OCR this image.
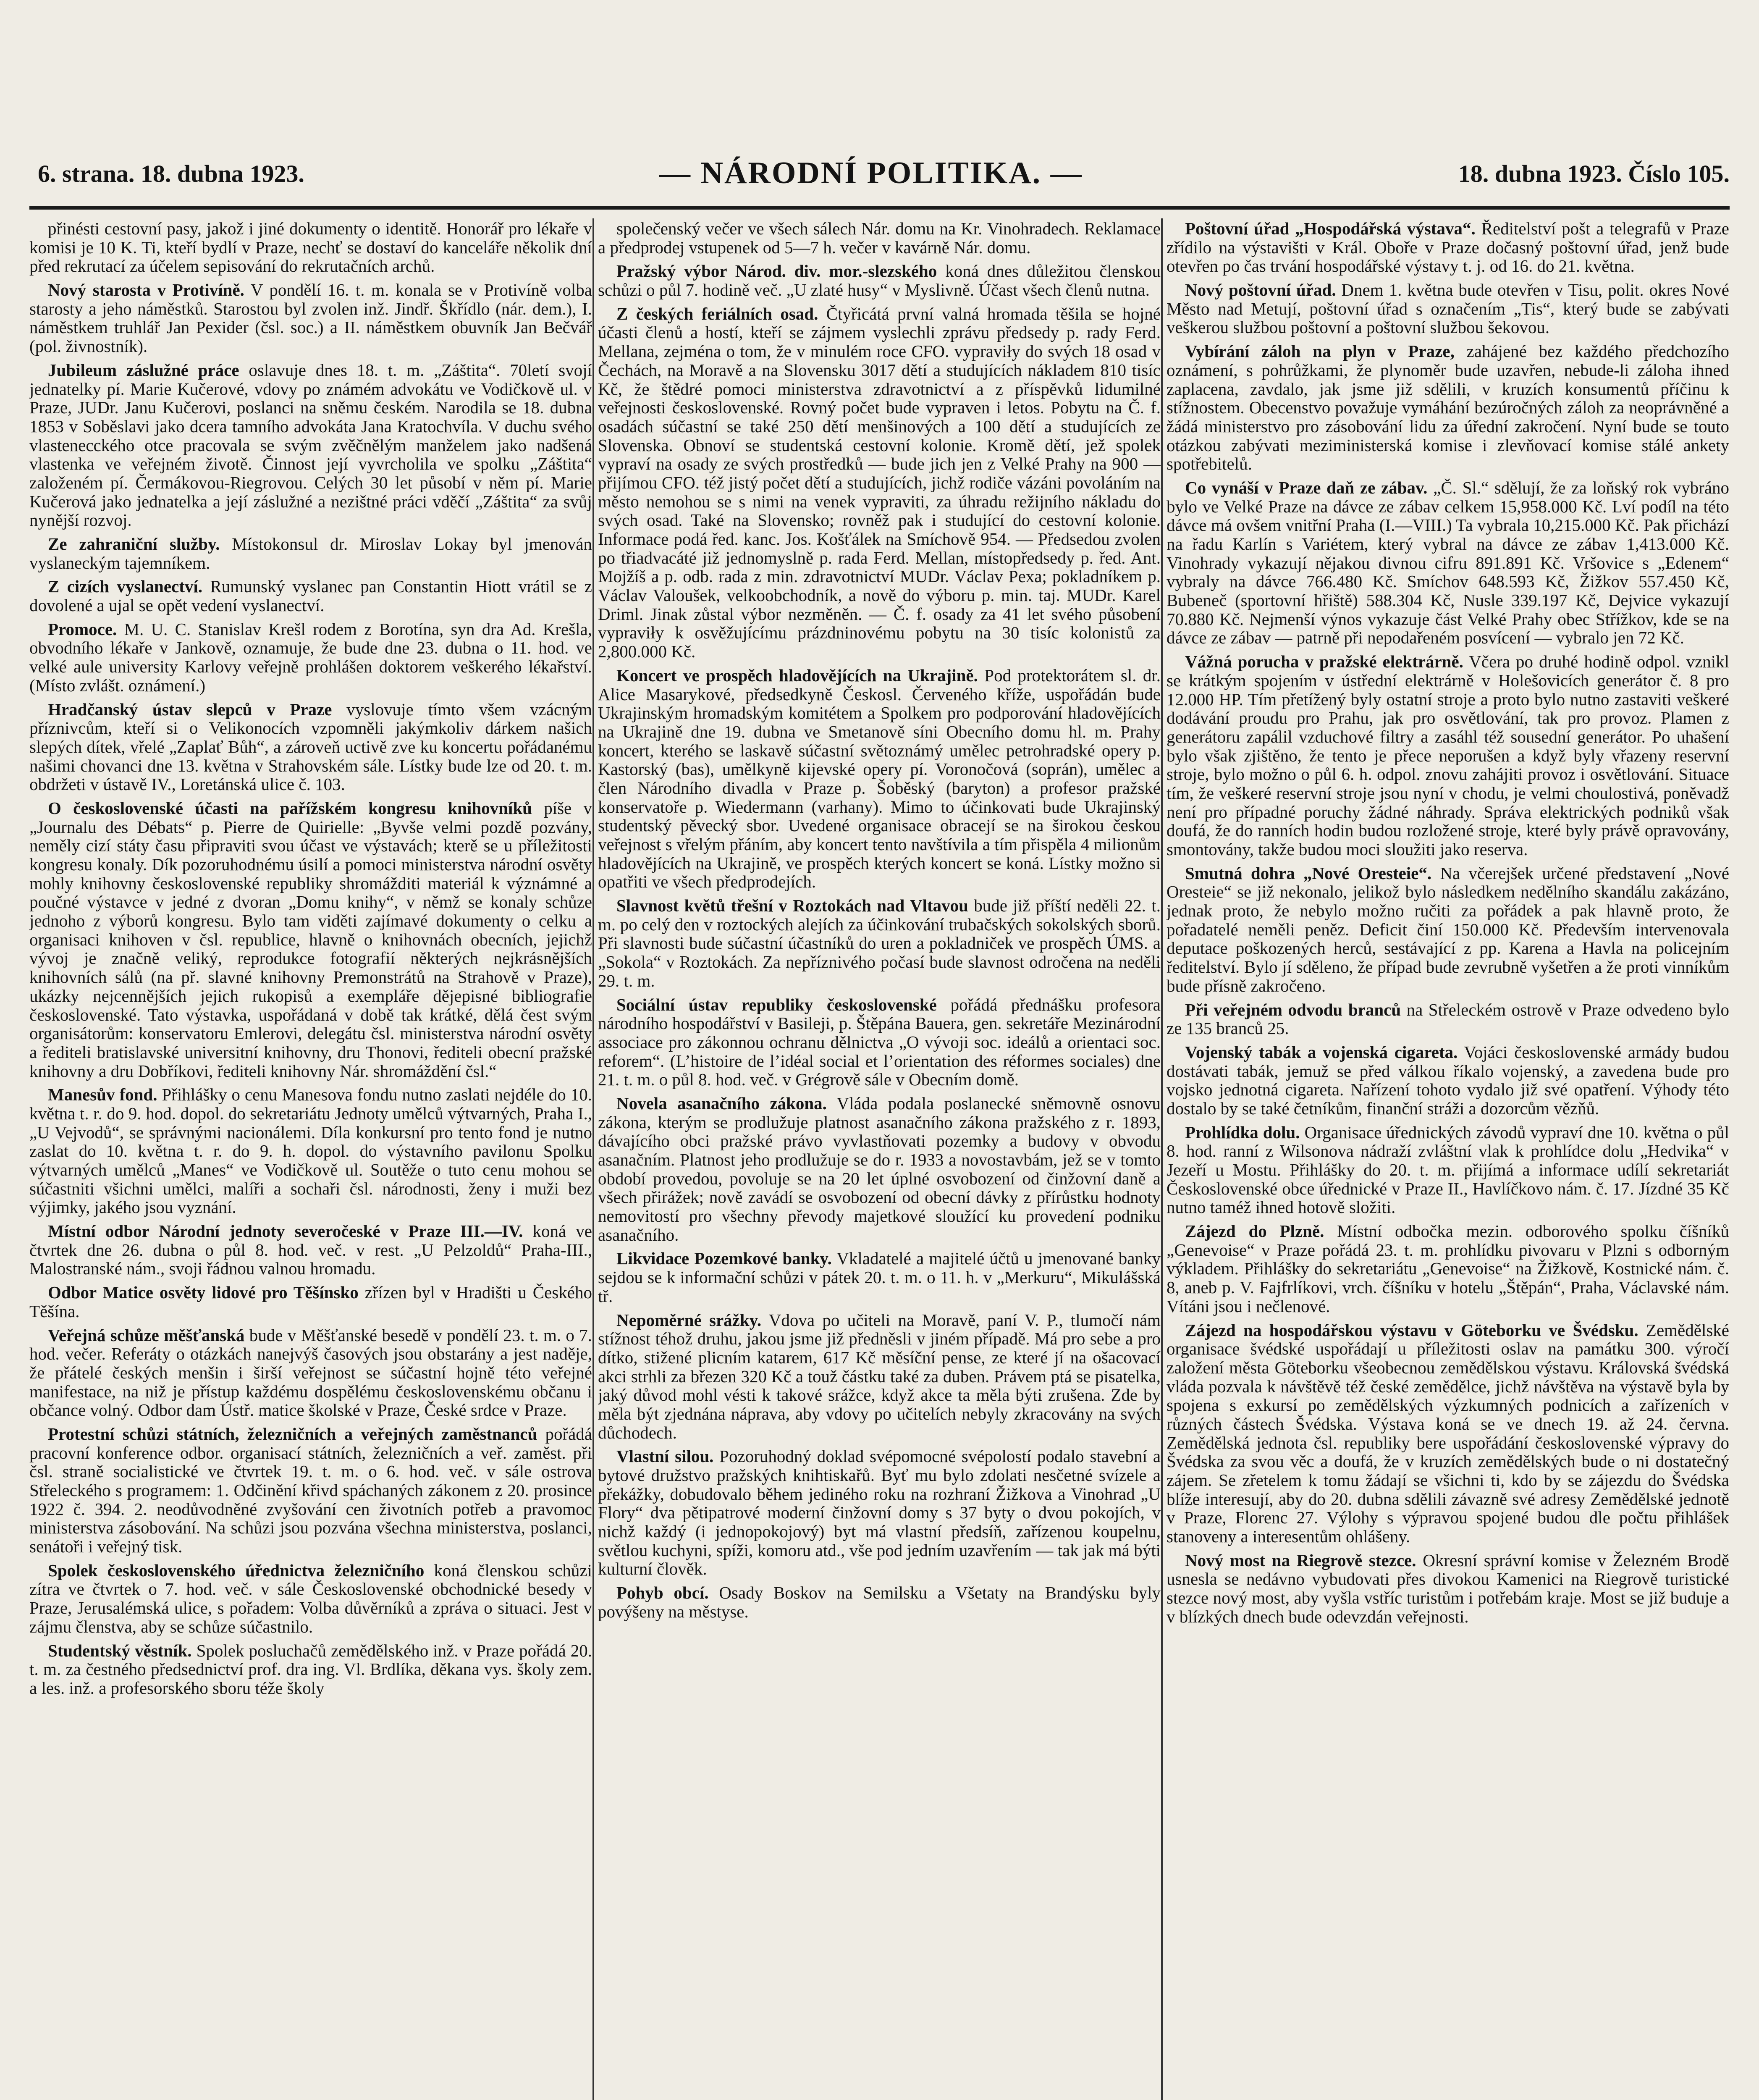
6. strana. 18. dubna 1923.	— NÁRODNÍ POLITIKA. —	18. dubna 1923. Číslo 105.

přinésti cestovní pasy, jakož i jiné dokumenty o identitě. Honorář pro lékaře v komisi je 10 K. Ti, kteří bydlí v Praze, nechť se dostaví do kanceláře několik dní před rekrutací za účelem sepisování do rekrutačních archů.

Nový starosta v Protivíně. V pondělí 16. t. m. konala se v Protivíně volba starosty a jeho náměstků. Starostou byl zvolen inž. Jindř. Škřídlo (nár. dem.), I. náměstkem truhlář Jan Pexider (čsl. soc.) a II. náměstkem obuvník Jan Bečvář (pol. živnostník).

Jubileum záslužné práce oslavuje dnes 18. t. m. „Záštita“. 70letí svojí jednatelky pí. Marie Kučerové, vdovy po známém advokátu ve Vodičkově ul. v Praze, JUDr. Janu Kučerovi, poslanci na sněmu českém. Narodila se 18. dubna 1853 v Soběslavi jako dcera tamního advokáta Jana Kratochvíla. V duchu svého vlastenecckého otce pracovala se svým zvěčnělým manželem jako nadšená vlastenka ve veřejném životě. Činnost její vyvrcholila ve spolku „Záštita“ založeném pí. Čermákovou-Riegrovou. Celých 30 let působí v něm pí. Marie Kučerová jako jednatelka a její záslužné a nezištné práci vděčí „Záštita“ za svůj nynější rozvoj.

Ze zahraniční služby. Místokonsul dr. Miroslav Lokay byl jmenován vyslaneckým tajemníkem.

Z cizích vyslanectví. Rumunský vyslanec pan Constantin Hiott vrátil se z dovolené a ujal se opět vedení vyslanectví.

Promoce. M. U. C. Stanislav Krešl rodem z Borotína, syn dra Ad. Krešla, obvodního lékaře v Jankově, oznamuje, že bude dne 23. dubna o 11. hod. ve velké aule university Karlovy veřejně prohlášen doktorem veškerého lékařství. (Místo zvlášt. oznámení.)

Hradčanský ústav slepců v Praze vyslovuje tímto všem vzácným příznivcům, kteří si o Velikonocích vzpomněli jakýmkoliv dárkem našich slepých dítek, vřelé „Zaplať Bůh“, a zároveň uctivě zve ku koncertu pořádanému našimi chovanci dne 13. května v Strahovském sále. Lístky bude lze od 20. t. m. obdržeti v ústavě IV., Loretánská ulice č. 103.

O československé účasti na pařížském kongresu knihovníků píše v „Journalu des Débats“ p. Pierre de Quirielle: „Byvše velmi pozdě pozvány, neměly cizí státy času připraviti svou účast ve výstavách; kterě se u příležitosti kongresu konaly. Dík pozoruhodnému úsilí a pomoci ministerstva národní osvěty mohly knihovny československé republiky shromážditi materiál k význámné a poučné výstavce v jedné z dvoran „Domu knihy“, v němž se konaly schůze jednoho z výborů kongresu. Bylo tam viděti zajímavé dokumenty o celku a organisaci knihoven v čsl. republice, hlavně o knihovnách obecních, jejichž vývoj je značně veliký, reprodukce fotografií některých nejkrásnějších knihovních sálů (na př. slavné knihovny Premonstrátů na Strahově v Praze), ukázky nejcennějších jejich rukopisů a exempláře dějepisné bibliografie československé. Tato výstavka, uspořádaná v době tak krátké, dělá čest svým organisátorům: konservatoru Emlerovi, delegátu čsl. ministerstva národní osvěty a řediteli bratislavské universitní knihovny, dru Thonovi, řediteli obecní pražské knihovny a dru Dobříkovi, řediteli knihovny Nár. shromáždění čsl.“

Manesův fond. Přihlášky o cenu Manesova fondu nutno zaslati nejdéle do 10. května t. r. do 9. hod. dopol. do sekretariátu Jednoty umělců výtvarných, Praha I., „U Vejvodů“, se správnými nacionálemi. Díla konkursní pro tento fond je nutno zaslat do 10. května t. r. do 9. h. dopol. do výstavního pavilonu Spolku výtvarných umělců „Manes“ ve Vodičkově ul. Soutěže o tuto cenu mohou se súčastniti všichni umělci, malíři a sochaři čsl. národnosti, ženy i muži bez výjimky, jakého jsou vyznání.

Místní odbor Národní jednoty severočeské v Praze III.—IV. koná ve čtvrtek dne 26. dubna o půl 8. hod. več. v rest. „U Pelzoldů“ Praha-III., Malostranské nám., svoji řádnou valnou hromadu.

Odbor Matice osvěty lidové pro Těšínsko zřízen byl v Hradišti u Českého Těšína.

Veřejná schůze měšťanská bude v Měšťanské besedě v pondělí 23. t. m. o 7. hod. večer. Referáty o otázkách nanejvýš časových jsou obstarány a jest naděje, že přátelé českých menšin i širší veřejnost se súčastní hojně této veřejné manifestace, na niž je přístup každému dospělému československému občanu i občance volný. Odbor dam Ústř. matice školské v Praze, České srdce v Praze.

Protestní schůzi státních, železničních a veřejných zaměstnanců pořádá pracovní konference odbor. organisací státních, železničních a veř. zaměst. při čsl. straně socialistické ve čtvrtek 19. t. m. o 6. hod. več. v sále ostrova Střeleckého s programem: 1. Odčinění křivd spáchaných zákonem z 20. prosince 1922 č. 394. 2. neodůvodněné zvyšování cen životních potřeb a pravomoc ministerstva zásobování. Na schůzi jsou pozvána všechna ministerstva, poslanci, senátoři i veřejný tisk.

Spolek československého úřednictva železničního koná členskou schůzi zítra ve čtvrtek o 7. hod. več. v sále Československé obchodnické besedy v Praze, Jerusalémská ulice, s pořadem: Volba důvěrníků a zpráva o situaci. Jest v zájmu členstva, aby se schůze súčastnilo.

Studentský věstník. Spolek posluchačů zemědělského inž. v Praze pořádá 20. t. m. za čestného předsednictví prof. dra ing. Vl. Brdlíka, děkana vys. školy zem. a les. inž. a profesorského sboru téže školy

společenský večer ve všech sálech Nár. domu na Kr. Vinohradech. Reklamace a předprodej vstupenek od 5—7 h. večer v kavárně Nár. domu.

Pražský výbor Národ. div. mor.-slezského koná dnes důležitou členskou schůzi o půl 7. hodině več. „U zlaté husy“ v Myslivně. Účast všech členů nutna.

Z českých feriálních osad. Čtyřicátá první valná hromada těšila se hojné účasti členů a hostí, kteří se zájmem vyslechli zprávu předsedy p. rady Ferd. Mellana, zejména o tom, že v minulém roce CFO. vypraviły do svých 18 osad v Čechách, na Moravě a na Slovensku 3017 dětí a studujících nákladem 810 tisíc Kč, že štědré pomoci ministerstva zdravotnictví a z příspěvků lidumilné veřejnosti československé. Rovný počet bude vypraven i letos. Pobytu na Č. f. osadách súčastní se také 250 dětí menšinových a 100 dětí a studujících ze Slovenska. Obnoví se studentská cestovní kolonie. Kromě dětí, jež spolek vypraví na osady ze svých prostředků — bude jich jen z Velké Prahy na 900 — přijímou CFO. též jistý počet dětí a studujících, jichž rodiče vázáni povoláním na město nemohou se s nimi na venek vypraviti, za úhradu režijního nákladu do svých osad. Také na Slovensko; rovněž pak i studující do cestovní kolonie. Informace podá řed. kanc. Jos. Košťálek na Smíchově 954. — Předsedou zvolen po třiadvacáté již jednomyslně p. rada Ferd. Mellan, místopředsedy p. řed. Ant. Mojžíš a p. odb. rada z min. zdravotnictví MUDr. Václav Pexa; pokladníkem p. Václav Valoušek, velkoobchodník, a nově do výboru p. min. taj. MUDr. Karel Driml. Jinak zůstal výbor nezměněn. — Č. f. osady za 41 let svého působení vypraviły k osvěžujícímu prázdninovému pobytu na 30 tisíc kolonistů za 2,800.000 Kč.

Koncert ve prospěch hladovějících na Ukrajině. Pod protektorátem sl. dr. Alice Masarykové, předsedkyně Českosl. Červeného kříže, uspořádán bude Ukrajinským hromadským komitétem a Spolkem pro podporování hladovějících na Ukrajině dne 19. dubna ve Smetanově síni Obecního domu hl. m. Prahy koncert, kterého se laskavě súčastní světoznámý umělec petrohradské opery p. Kastorský (bas), umělkyně kijevské opery pí. Voronočová (soprán), umělec a člen Národního divadla v Praze p. Šoběský (baryton) a profesor pražské konservatoře p. Wiedermann (varhany). Mimo to účinkovati bude Ukrajinský studentský pěvecký sbor. Uvedené organisace obracejí se na širokou českou veřejnost s vřelým přáním, aby koncert tento navštívila a tím přispěla 4 milionům hladovějících na Ukrajině, ve prospěch kterých koncert se koná. Lístky možno si opatřiti ve všech předprodejích.

Slavnost květů třešní v Roztokách nad Vltavou bude již příští neděli 22. t. m. po celý den v roztockých alejích za účinkování trubačských sokolských sborů. Při slavnosti bude súčastní účastníků do uren a pokladniček ve prospěch ÚMS. a „Sokola“ v Roztokách. Za nepříznivého počasí bude slavnost odročena na neděli 29. t. m.

Sociální ústav republiky československé pořádá přednášku profesora národního hospodářství v Basileji, p. Štěpána Bauera, gen. sekretáře Mezinárodní associace pro zákonnou ochranu dělnictva „O vývoji soc. ideálů a orientaci soc. reforem“. (L’histoire de l’idéal social et l’orientation des réformes sociales) dne 21. t. m. o půl 8. hod. več. v Grégrově sále v Obecním domě.

Novela asanačního zákona. Vláda podala poslanecké sněmovně osnovu zákona, kterým se prodlužuje platnost asanačního zákona pražského z r. 1893, dávajícího obci pražské právo vyvlastňovati pozemky a budovy v obvodu asanačním. Platnost jeho prodlužuje se do r. 1933 a novostavbám, jež se v tomto období provedou, povoluje se na 20 let úplné osvobození od činžovní daně a všech přirážek; nově zavádí se osvobození od obecní dávky z přírůstku hodnoty nemovitostí pro všechny převody majetkové sloužící ku provedení podniku asanačního.

Likvidace Pozemkové banky. Vkladatelé a majitelé účtů u jmenované banky sejdou se k informační schůzi v pátek 20. t. m. o 11. h. v „Merkuru“, Mikulášská tř.

Nepoměrné srážky. Vdova po učiteli na Moravě, paní V. P., tlumočí nám stížnost téhož druhu, jakou jsme již předněsli v jiném případě. Má pro sebe a pro dítko, stižené plicním katarem, 617 Kč měsíční pense, ze které jí na ošacovací akci strhli za březen 320 Kč a touž částku také za duben. Právem ptá se pisatelka, jaký důvod mohl vésti k takové srážce, když akce ta měla býti zrušena. Zde by měla být zjednána náprava, aby vdovy po učitelích nebyly zkracovány na svých důchodech.

Vlastní silou. Pozoruhodný doklad svépomocné svépolostí podalo stavební a bytové družstvo pražských knihtiskařů. Byť mu bylo zdolati nesčetné svízele a překážky, dobudovalo během jediného roku na rozhraní Žižkova a Vinohrad „U Flory“ dva pětipatrové moderní činžovní domy s 37 byty o dvou pokojích, v nichž každý (i jednopokojový) byt má vlastní předsíň, zařízenou koupelnu, světlou kuchyni, spíži, komoru atd., vše pod jedním uzavřením — tak jak má býti kulturní člověk.

Pohyb obcí. Osady Boskov na Semilsku a Všetaty na Brandýsku byly povýšeny na městyse.

Poštovní úřad „Hospodářská výstava“. Ředitelství pošt a telegrafů v Praze zřídilo na výstavišti v Král. Oboře v Praze dočasný poštovní úřad, jenž bude otevřen po čas trvání hospodářské výstavy t. j. od 16. do 21. května.

Nový poštovní úřad. Dnem 1. května bude otevřen v Tisu, polit. okres Nové Město nad Metují, poštovní úřad s označením „Tis“, který bude se zabývati veškerou službou poštovní a poštovní službou šekovou.

Vybírání záloh na plyn v Praze, zahájené bez každého předchozího oznámení, s pohrůžkami, že plynoměr bude uzavřen, nebude-li zálohа ihned zaplacena, zavdalo, jak jsme již sdělili, v kruzích konsumentů příčinu k stížnostem. Obecenstvo považuje vymáhání bezúročných záloh za neoprávněné a žádá ministerstvo pro zásobování lidu za úřední zakročení. Nyní bude se touto otázkou zabývati meziministerská komise i zlevňovací komise stálé ankety spotřebitelů.

Co vynáší v Praze daň ze zábav. „Č. Sl.“ sdělují, že za loňský rok vybráno bylo ve Velké Praze na dávce ze zábav celkem 15,958.000 Kč. Lví podíl na této dávce má ovšem vnitřní Praha (I.—VIII.) Ta vybrala 10,215.000 Kč. Pak přichází na řadu Karlín s Variétem, který vybral na dávce ze zábav 1,413.000 Kč. Vinohrady vykazují nějakou divnou cifru 891.891 Kč. Vršovice s „Edenem“ vybraly na dávce 766.480 Kč. Smíchov 648.593 Kč, Žižkov 557.450 Kč, Bubeneč (sportovní hřiště) 588.304 Kč, Nusle 339.197 Kč, Dejvice vykazují 70.880 Kč. Nejmenší výnos vykazuje část Velké Prahy obec Střížkov, kde se na dávce ze zábav — patrně při nepodařeném posvícení — vybralo jen 72 Kč.

Vážná porucha v pražské elektrárně. Včera po druhé hodině odpol. vznikl se krátkým spojením v ústřední elektrárně v Holešovicích generátor č. 8 pro 12.000 HP. Tím přetížený byly ostatní stroje a proto bylo nutno zastaviti veškeré dodávání proudu pro Prahu, jak pro osvětlování, tak pro provoz. Plamen z generátoru zapálil vzduchové filtry a zasáhl též sousední generátor. Po uhašení bylo však zjištěno, že tento je přece neporušen a když byly vřazeny reservní stroje, bylo možno o půl 6. h. odpol. znovu zahájiti provoz i osvětlování. Situace tím, že veškeré reservní stroje jsou nyní v chodu, je velmi choulostivá, poněvadž není pro případné poruchy žádné náhrady. Správa elektrických podniků však doufá, že do ranních hodin budou rozložené stroje, které byly právě opravovány, smontovány, takže budou moci sloužiti jako reserva.

Smutná dohra „Nové Oresteie“. Na včerejšek určené představení „Nové Oresteie“ se již nekonalo, jelikož bylo následkem nedělního skandálu zakázáno, jednak proto, že nebylo možno ručiti za pořádek a pak hlavně proto, že pořadatelé neměli peněz. Deficit činí 150.000 Kč. Především intervenovala deputace poškozených herců, sestávající z pp. Karena a Havla na policejním ředitelství. Bylo jí sděleno, že případ bude zevrubně vyšetřen a že proti vinníkům bude přísně zakročeno.

Při veřejném odvodu branců na Střeleckém ostrově v Praze odvedeno bylo ze 135 branců 25.

Vojenský tabák a vojenská cigareta. Vojáci československé armády budou dostávati tabák, jemuž se před válkou říkalo vojenský, a zavedena bude pro vojsko jednotná cigareta. Nařízení tohoto vydalo již své opatření. Výhody této dostalo by se také četníkům, finanční stráži a dozorcům vězňů.

Prohlídka dolu. Organisace úřednických závodů vypraví dne 10. května o půl 8. hod. ranní z Wilsonova nádraží zvláštní vlak k prohlídce dolu „Hedvika“ v Jezeří u Mostu. Přihlášky do 20. t. m. přijímá a informace udílí sekretariát Československé obce úřednické v Praze II., Havlíčkovo nám. č. 17. Jízdné 35 Kč nutno taméž ihned hotově složiti.

Zájezd do Plzně. Místní odbočka mezin. odborového spolku číšníků „Genevoise“ v Praze pořádá 23. t. m. prohlídku pivovaru v Plzni s odborným výkladem. Přihlášky do sekretariátu „Genevoise“ na Žižkově, Kostnické nám. č. 8, aneb p. V. Fajfrlíkovi, vrch. číšníku v hotelu „Štěpán“, Praha, Václavské nám. Vítáni jsou i nečlenové.

Zájezd na hospodářskou výstavu v Göteborku ve Švédsku. Zemědělské organisace švédské uspořádají u příležitosti oslav na památku 300. výročí založení města Göteborku všeobecnou zemědělskou výstavu. Královská švédská vláda pozvala k návštěvě též české zemědělce, jichž návštěva na výstavě byla by spojena s exkursí po zemědělských výzkumných podnicích a zařízeních v různých částech Švédska. Výstava koná se ve dnech 19. až 24. června. Zemědělská jednota čsl. republiky bere uspořádání československé výpravy do Švédska za svou věc a doufá, že v kruzích zemědělských bude o ni dostatečný zájem. Se zřetelem k tomu žádají se všichni ti, kdo by se zájezdu do Švédska blíže interesují, aby do 20. dubna sdělili závazně své adresy Zemědělské jednotě v Praze, Florenc 27. Výlohy s výpravou spojené budou dle počtu přihlášek stanoveny a interesentům ohlášeny.

Nový most na Riegrově stezce. Okresní správní komise v Železném Brodě usnesla se nedávno vybudovati přes divokou Kamenici na Riegrově turistické stezce nový most, aby vyšla vstříc turistům i potřebám kraje. Most se již buduje a v blízkých dnech bude odevzdán veřejnosti.
